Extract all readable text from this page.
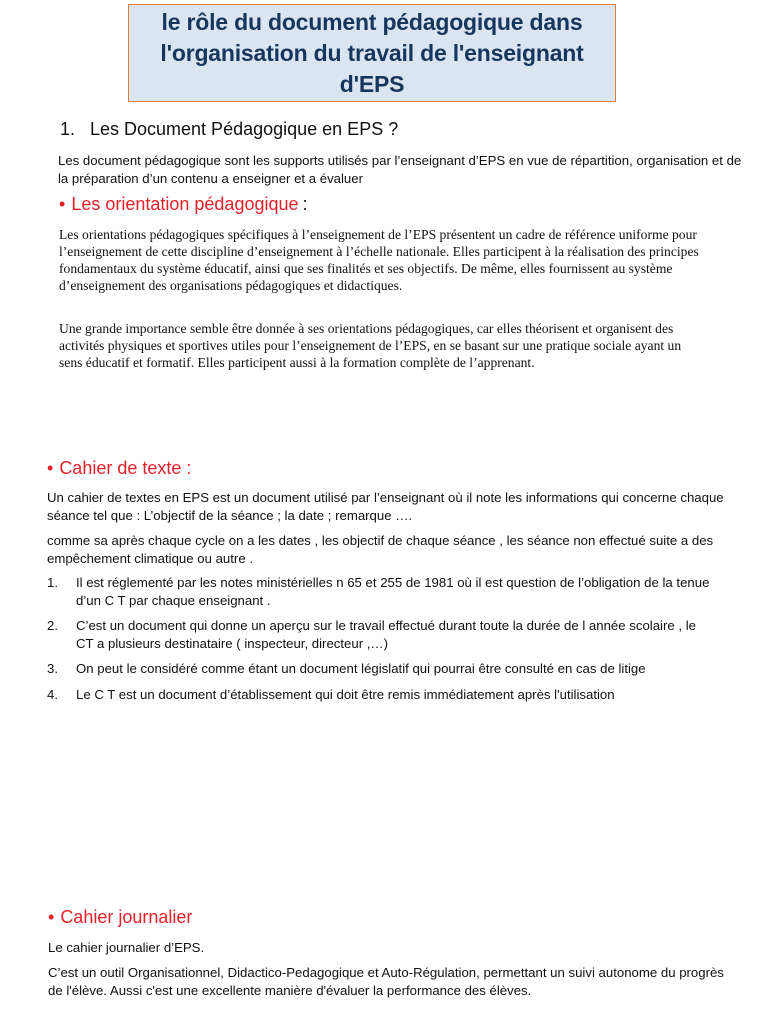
le rôle du document pédagogique dans
l'organisation du travail de l'enseignant
d'EPS
1. Les Document Pédagogique en EPS ?
Les document pédagogique sont les supports utilisés par l’enseignant d’EPS en vue de répartition, organisation et de la préparation d’un contenu a enseigner et a évaluer
• Les orientation pédagogique :
Les orientations pédagogiques spécifiques à l’enseignement de l’EPS présentent un cadre de référence uniforme pour l’enseignement de cette discipline d’enseignement à l’échelle nationale. Elles participent à la réalisation des principes fondamentaux du système éducatif, ainsi que ses finalités et ses objectifs. De même, elles fournissent au système d’enseignement des organisations pédagogiques et didactiques.
Une grande importance semble être donnée à ses orientations pédagogiques, car elles théorisent et organisent des activités physiques et sportives utiles pour l’enseignement de l’EPS, en se basant sur une pratique sociale ayant un sens éducatif et formatif. Elles participent aussi à la formation complète de l’apprenant.
• Cahier de texte :
Un cahier de textes en EPS est un document utilisé par l’enseignant où il note les informations qui concerne chaque séance tel que : L’objectif de la séance ; la date ; remarque ….
comme sa après chaque cycle on a les dates , les objectif de chaque séance , les séance non effectué suite a des empêchement climatique ou autre .
1. Il est réglementé par les notes ministérielles n 65 et 255 de 1981 où il est question de l’obligation de la tenue d’un C T par chaque enseignant .
2. C’est un document qui donne un aperçu sur le travail effectué durant toute la durée de l année scolaire , le CT a plusieurs destinataire ( inspecteur, directeur ,…)
3. On peut le considéré comme étant un document législatif qui pourrai être consulté en cas de litige
4. Le C T est un document d’établissement qui doit être remis immédiatement après l'utilisation
• Cahier journalier
Le cahier journalier d’EPS.
C’est un outil Organisationnel, Didactico-Pedagogique et Auto-Régulation, permettant un suivi autonome du progrès de l'élève. Aussi c'est une excellente manière d'évaluer la performance des élèves.
